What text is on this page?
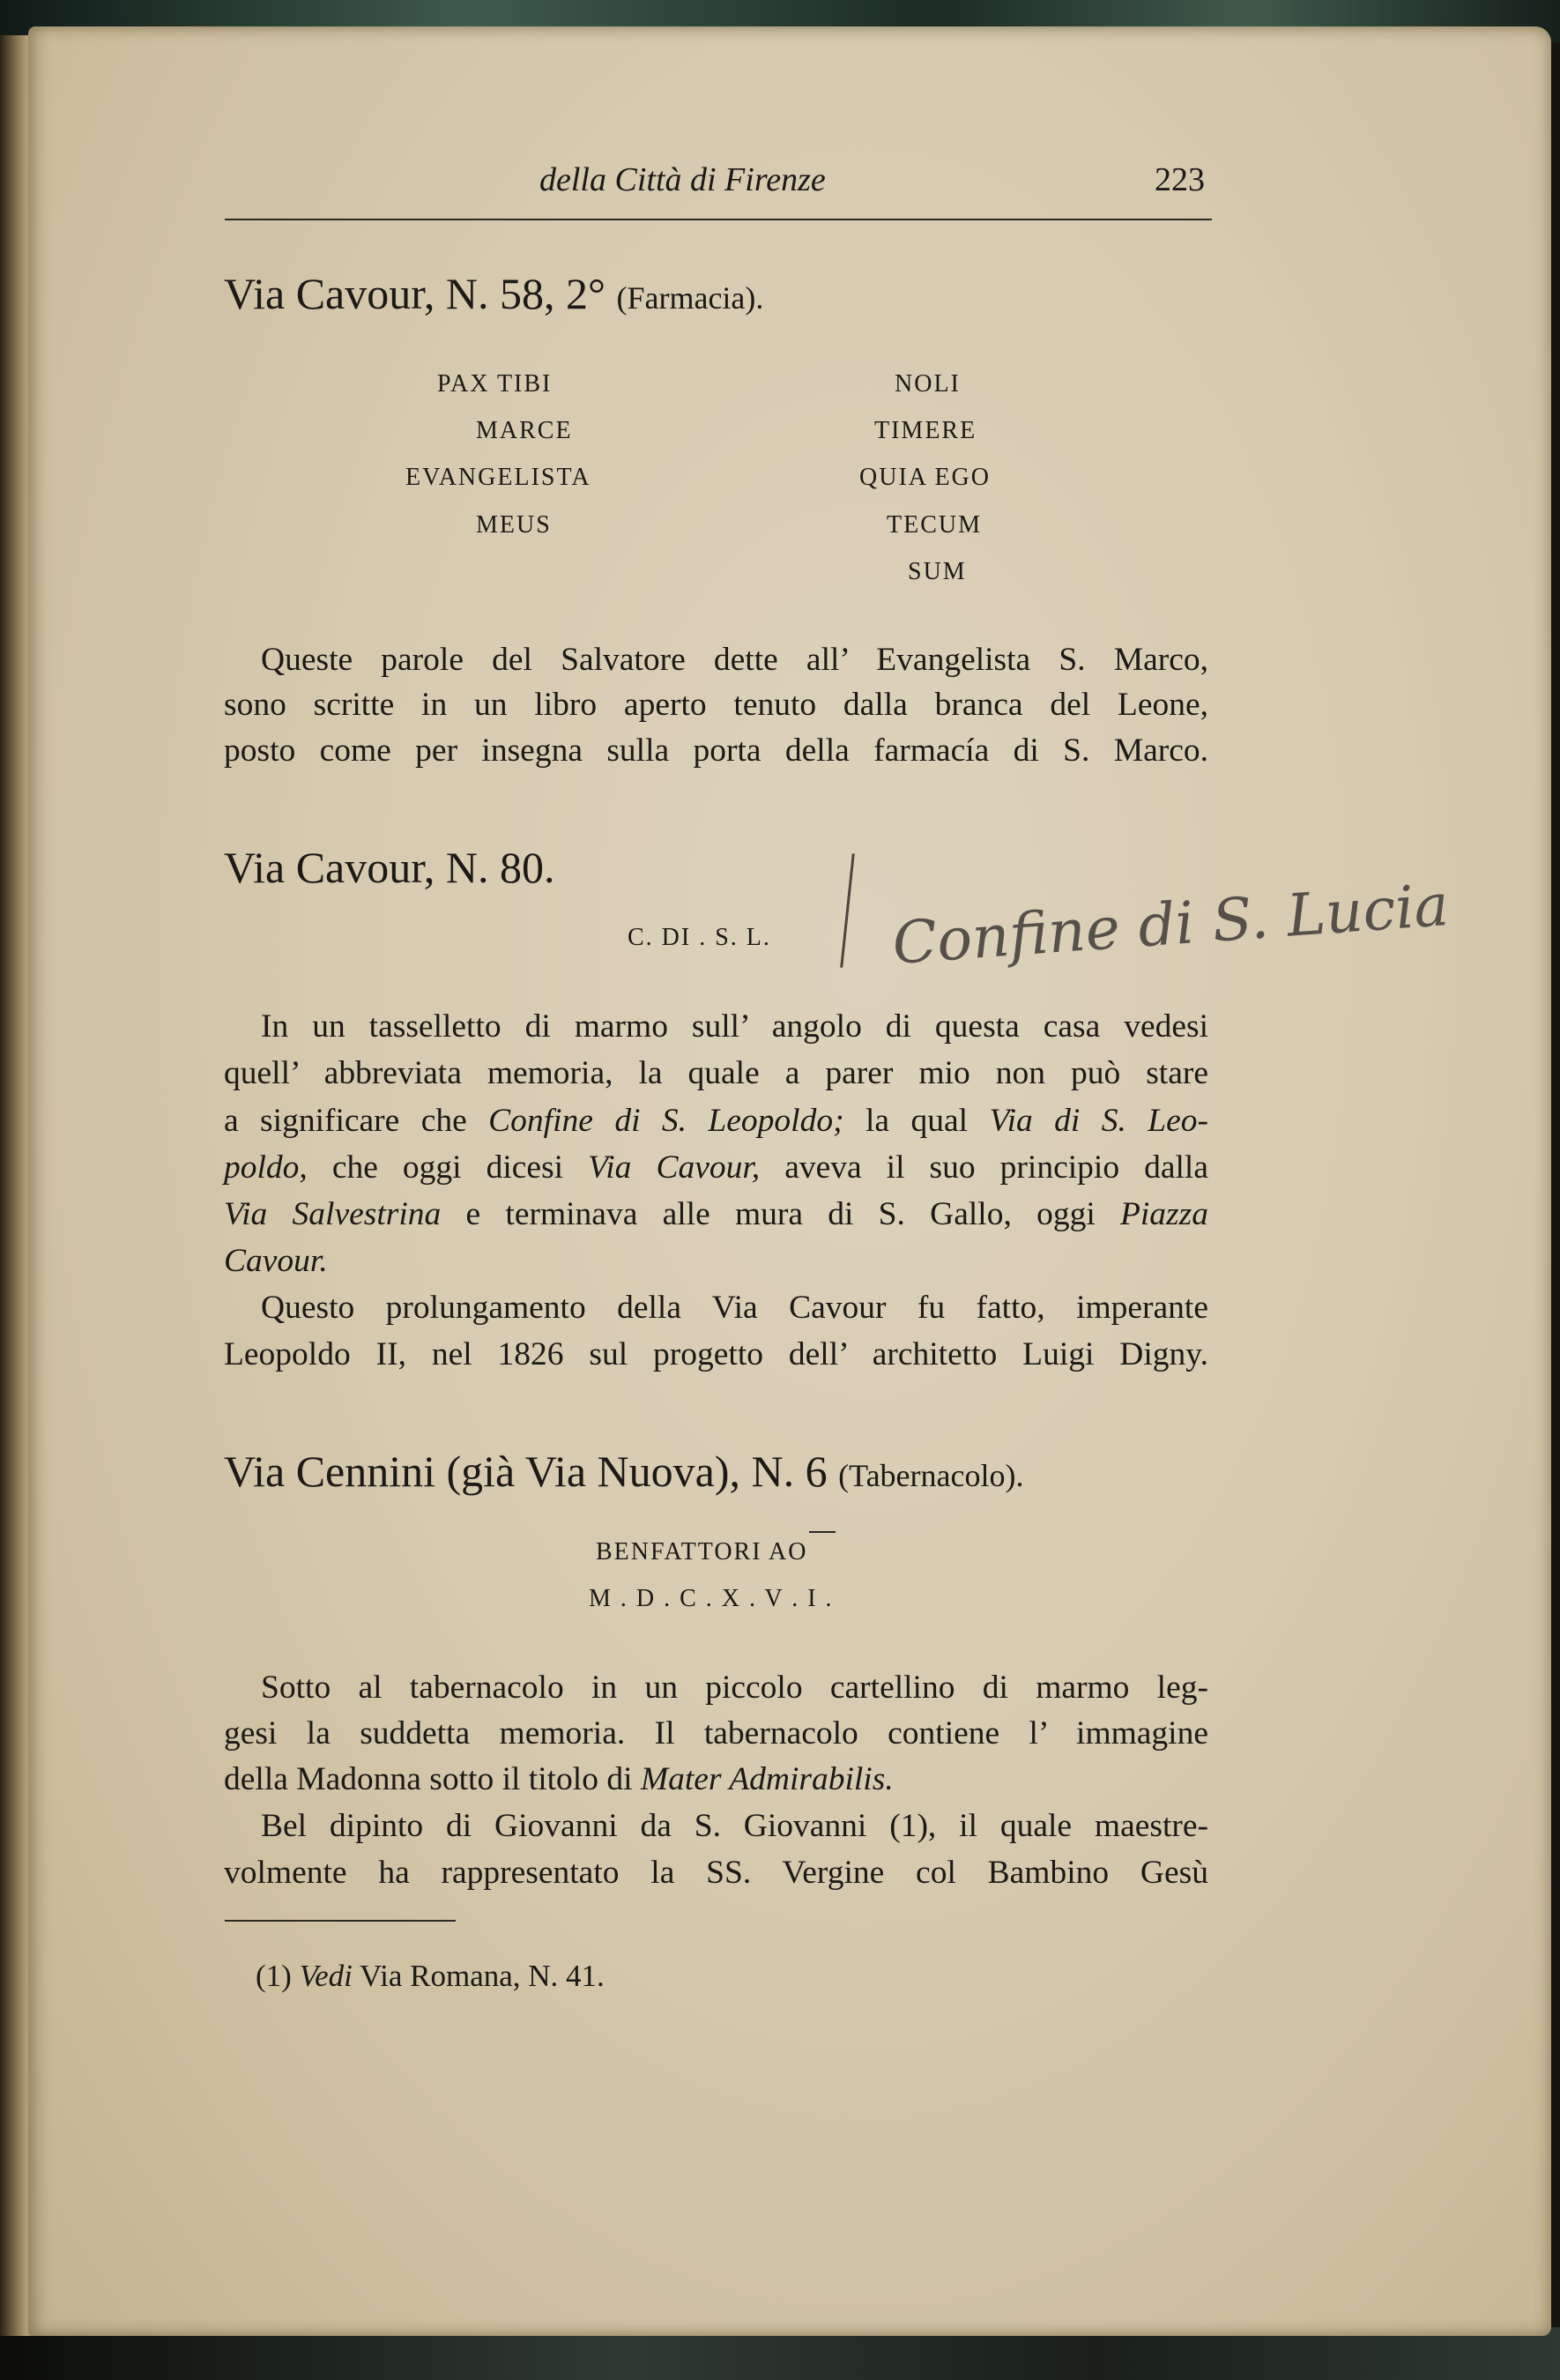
della Città di Firenze	223
Via Cavour, N. 58, 2° (Farmacia).
PAX TIBI
MARCE
EVANGELISTA
MEUS
NOLI
TIMERE
QUIA EGO
TECUM
SUM
Queste parole del Salvatore dette all’ Evangelista S. Marco,
sono scritte in un libro aperto tenuto dalla branca del Leone,
posto come per insegna sulla porta della farmacía di S. Marco.
Via Cavour, N. 80.
C. DI . S. L. Confine di S. Lucia
In un tasselletto di marmo sull’ angolo di questa casa vedesi
quell’ abbreviata memoria, la quale a parer mio non può stare
a significare che Confine di S. Leopoldo; la qual Via di S. Leo-
poldo, che oggi dicesi Via Cavour, aveva il suo principio dalla
Via Salvestrina e terminava alle mura di S. Gallo, oggi Piazza
Cavour.
Questo prolungamento della Via Cavour fu fatto, imperante
Leopoldo II, nel 1826 sul progetto dell’ architetto Luigi Digny.
Via Cennini (già Via Nuova), N. 6 (Tabernacolo).
BENFATTORI AO
M . D . C . X . V . I .
Sotto al tabernacolo in un piccolo cartellino di marmo leg-
gesi la suddetta memoria. Il tabernacolo contiene l’ immagine
della Madonna sotto il titolo di Mater Admirabilis.
Bel dipinto di Giovanni da S. Giovanni (1), il quale maestre-
volmente ha rappresentato la SS. Vergine col Bambino Gesù
(1) Vedi Via Romana, N. 41.
